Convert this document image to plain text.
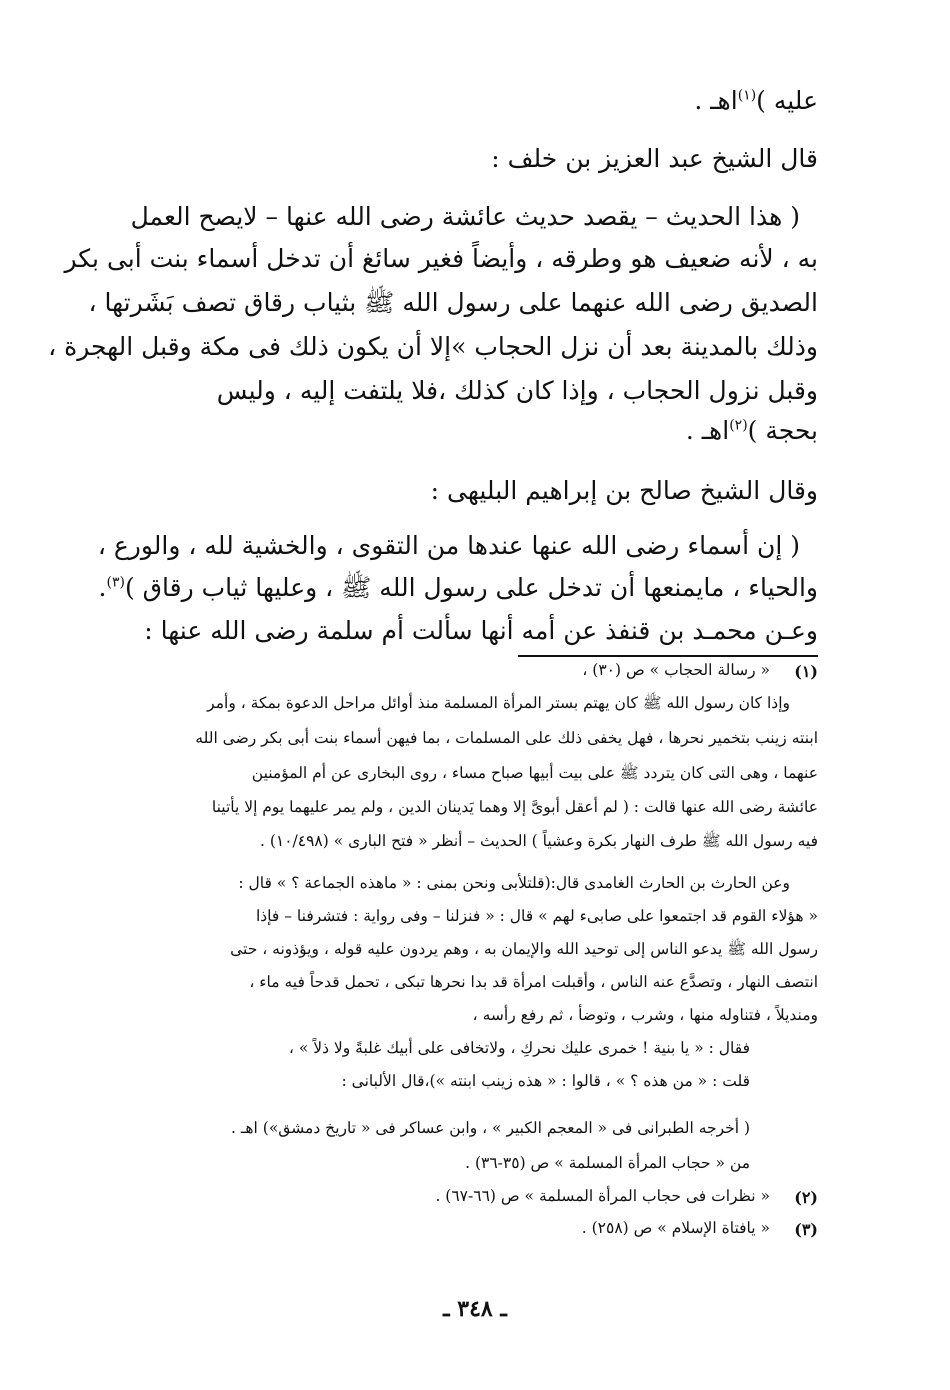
عليه )$^{(١)}$اهـ .
قال الشيخ عبد العزيز بن خلف :
( هذا الحديث – يقصد حديث عائشة رضى الله عنها – لايصح العمل
به ، لأنه ضعيف هو وطرقه ، وأيضاً فغير سائغ أن تدخل أسماء بنت أبى بكر
الصديق رضى الله عنهما على رسول الله ﷺ بثياب رقاق تصف بَشَرتها ،
وذلك بالمدينة بعد أن نزل الحجاب »إلا أن يكون ذلك فى مكة وقبل الهجرة ،
وقبل نزول الحجاب ، وإذا كان كذلك ،فلا يلتفت إليه ، وليس
بحجة )$^{(٢)}$اهـ .
وقال الشيخ صالح بن إبراهيم البليهى :
( إن أسماء رضى الله عنها عندها من التقوى ، والخشية لله ، والورع ،
والحياء ، مايمنعها أن تدخل على رسول الله ﷺ ، وعليها ثياب رقاق )$^{(٣)}$.
وعـن محمـد بن قنفذ عن أمه أنها سألت أم سلمة رضى الله عنها :
(١)
« رسالة الحجاب » ص (٣٠) ،
وإذا كان رسول الله ﷺ كان يهتم بستر المرأة المسلمة منذ أوائل مراحل الدعوة بمكة ، وأمر
ابنته زينب بتخمير نحرها ، فهل يخفى ذلك على المسلمات ، بما فيهن أسماء بنت أبى بكر رضى الله
عنهما ، وهى التى كان يتردد ﷺ على بيت أبيها صباح مساء ، روى البخارى عن أم المؤمنين
عائشة رضى الله عنها قالت : ( لم أعقل أبوىَّ إلا وهما يَدينان الدين ، ولم يمر عليهما يوم إلا يأتينا
فيه رسول الله ﷺ طرف النهار بكرة وعشياً ) الحديث – أنظر « فتح البارى » (١٠/٤٩٨) .
وعن الحارث بن الحارث الغامدى قال:(قلتلأبى ونحن بمنى : « ماهذه الجماعة ؟ » قال :
« هؤلاء القوم قد اجتمعوا على صابىء لهم » قال : « فنزلنا – وفى رواية : فتشرفنا – فإذا
رسول الله ﷺ يدعو الناس إلى توحيد الله والإيمان به ، وهم يردون عليه قوله ، ويؤذونه ، حتى
انتصف النهار ، وتصدَّع عنه الناس ، وأقبلت امرأة قد بدا نحرها تبكى ، تحمل قدحاً فيه ماء ،
ومنديلاً ، فتناوله منها ، وشرب ، وتوضأ ، ثم رفع رأسه ،
فقال : « يا بنية ! خمرى عليك نحركِ ، ولاتخافى على أبيك غلبةً ولا ذلاً » ،
قلت : « من هذه ؟ » ، قالوا : « هذه زينب ابنته »)،قال الألبانى :
( أخرجه الطبرانى فى « المعجم الكبير » ، وابن عساكر فى « تاريخ دمشق») اهـ .
من « حجاب المرأة المسلمة » ص (٣٥-٣٦) .
(٢)
« نظرات فى حجاب المرأة المسلمة » ص (٦٦-٦٧) .
(٣)
« يافتاة الإسلام » ص (٢٥٨) .
ـ ٣٤٨ ـ
